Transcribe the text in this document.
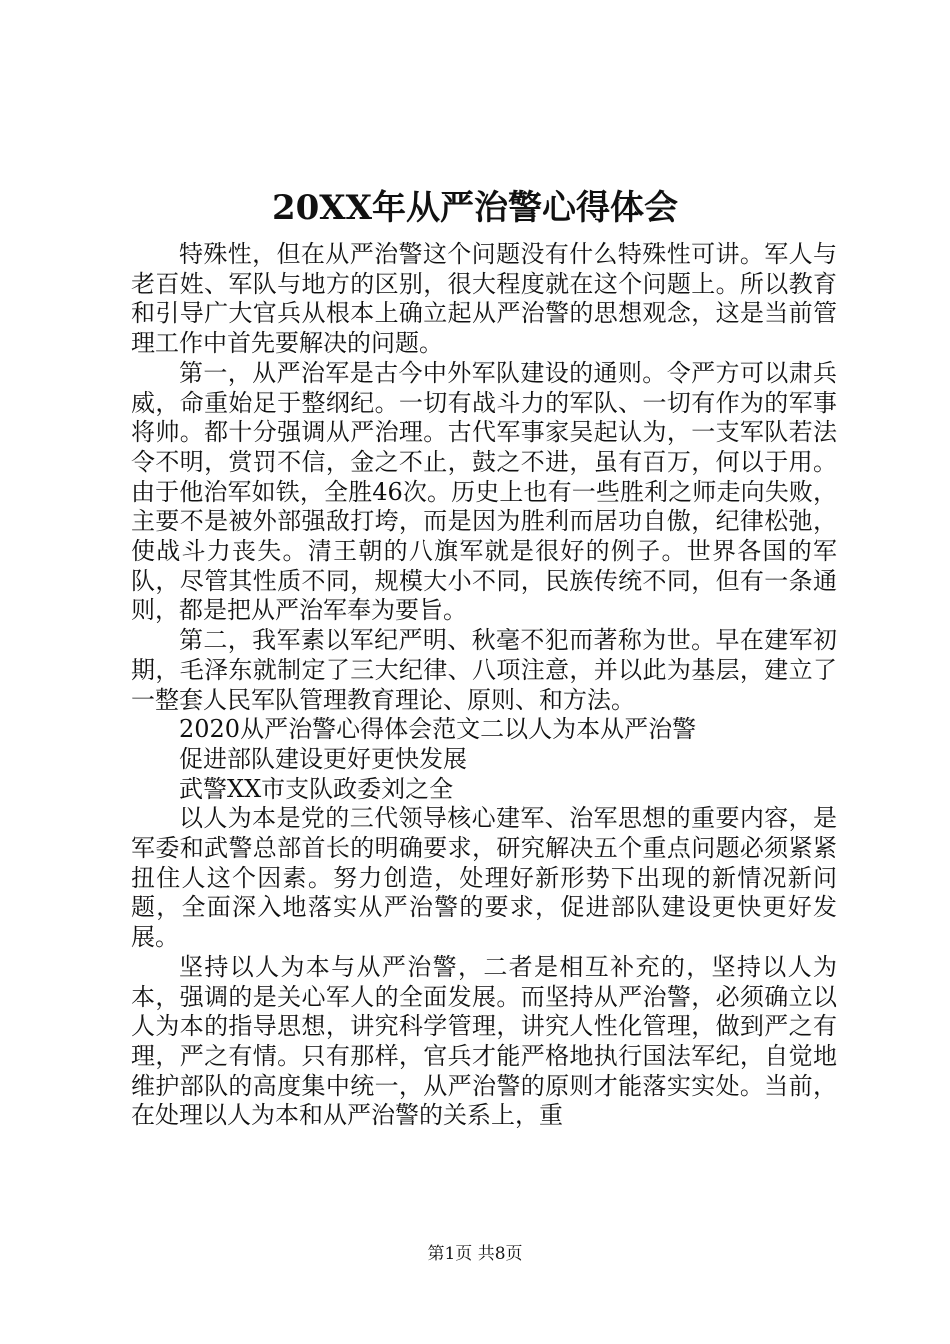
20XX年从严治警心得体会

特殊性，但在从严治警这个问题没有什么特殊性可讲。军人与老百姓、军队与地方的区别，很大程度就在这个问题上。所以教育和引导广大官兵从根本上确立起从严治警的思想观念，这是当前管理工作中首先要解决的问题。

第一，从严治军是古今中外军队建设的通则。令严方可以肃兵威，命重始足于整纲纪。一切有战斗力的军队、一切有作为的军事将帅。都十分强调从严治理。古代军事家吴起认为，一支军队若法令不明，赏罚不信，金之不止，鼓之不进，虽有百万，何以于用。由于他治军如铁，全胜46次。历史上也有一些胜利之师走向失败，主要不是被外部强敌打垮，而是因为胜利而居功自傲，纪律松弛，使战斗力丧失。清王朝的八旗军就是很好的例子。世界各国的军队，尽管其性质不同，规模大小不同，民族传统不同，但有一条通则，都是把从严治军奉为要旨。

第二，我军素以军纪严明、秋毫不犯而著称为世。早在建军初期，毛泽东就制定了三大纪律、八项注意，并以此为基层，建立了一整套人民军队管理教育理论、原则、和方法。

2020从严治警心得体会范文二以人为本从严治警

促进部队建设更好更快发展

武警XX市支队政委刘之全

以人为本是党的三代领导核心建军、治军思想的重要内容，是军委和武警总部首长的明确要求，研究解决五个重点问题必须紧紧扭住人这个因素。努力创造，处理好新形势下出现的新情况新问题，全面深入地落实从严治警的要求，促进部队建设更快更好发展。

坚持以人为本与从严治警，二者是相互补充的，坚持以人为本，强调的是关心军人的全面发展。而坚持从严治警，必须确立以人为本的指导思想，讲究科学管理，讲究人性化管理，做到严之有理，严之有情。只有那样，官兵才能严格地执行国法军纪，自觉地维护部队的高度集中统一，从严治警的原则才能落实实处。当前，在处理以人为本和从严治警的关系上，重

第1页 共8页
